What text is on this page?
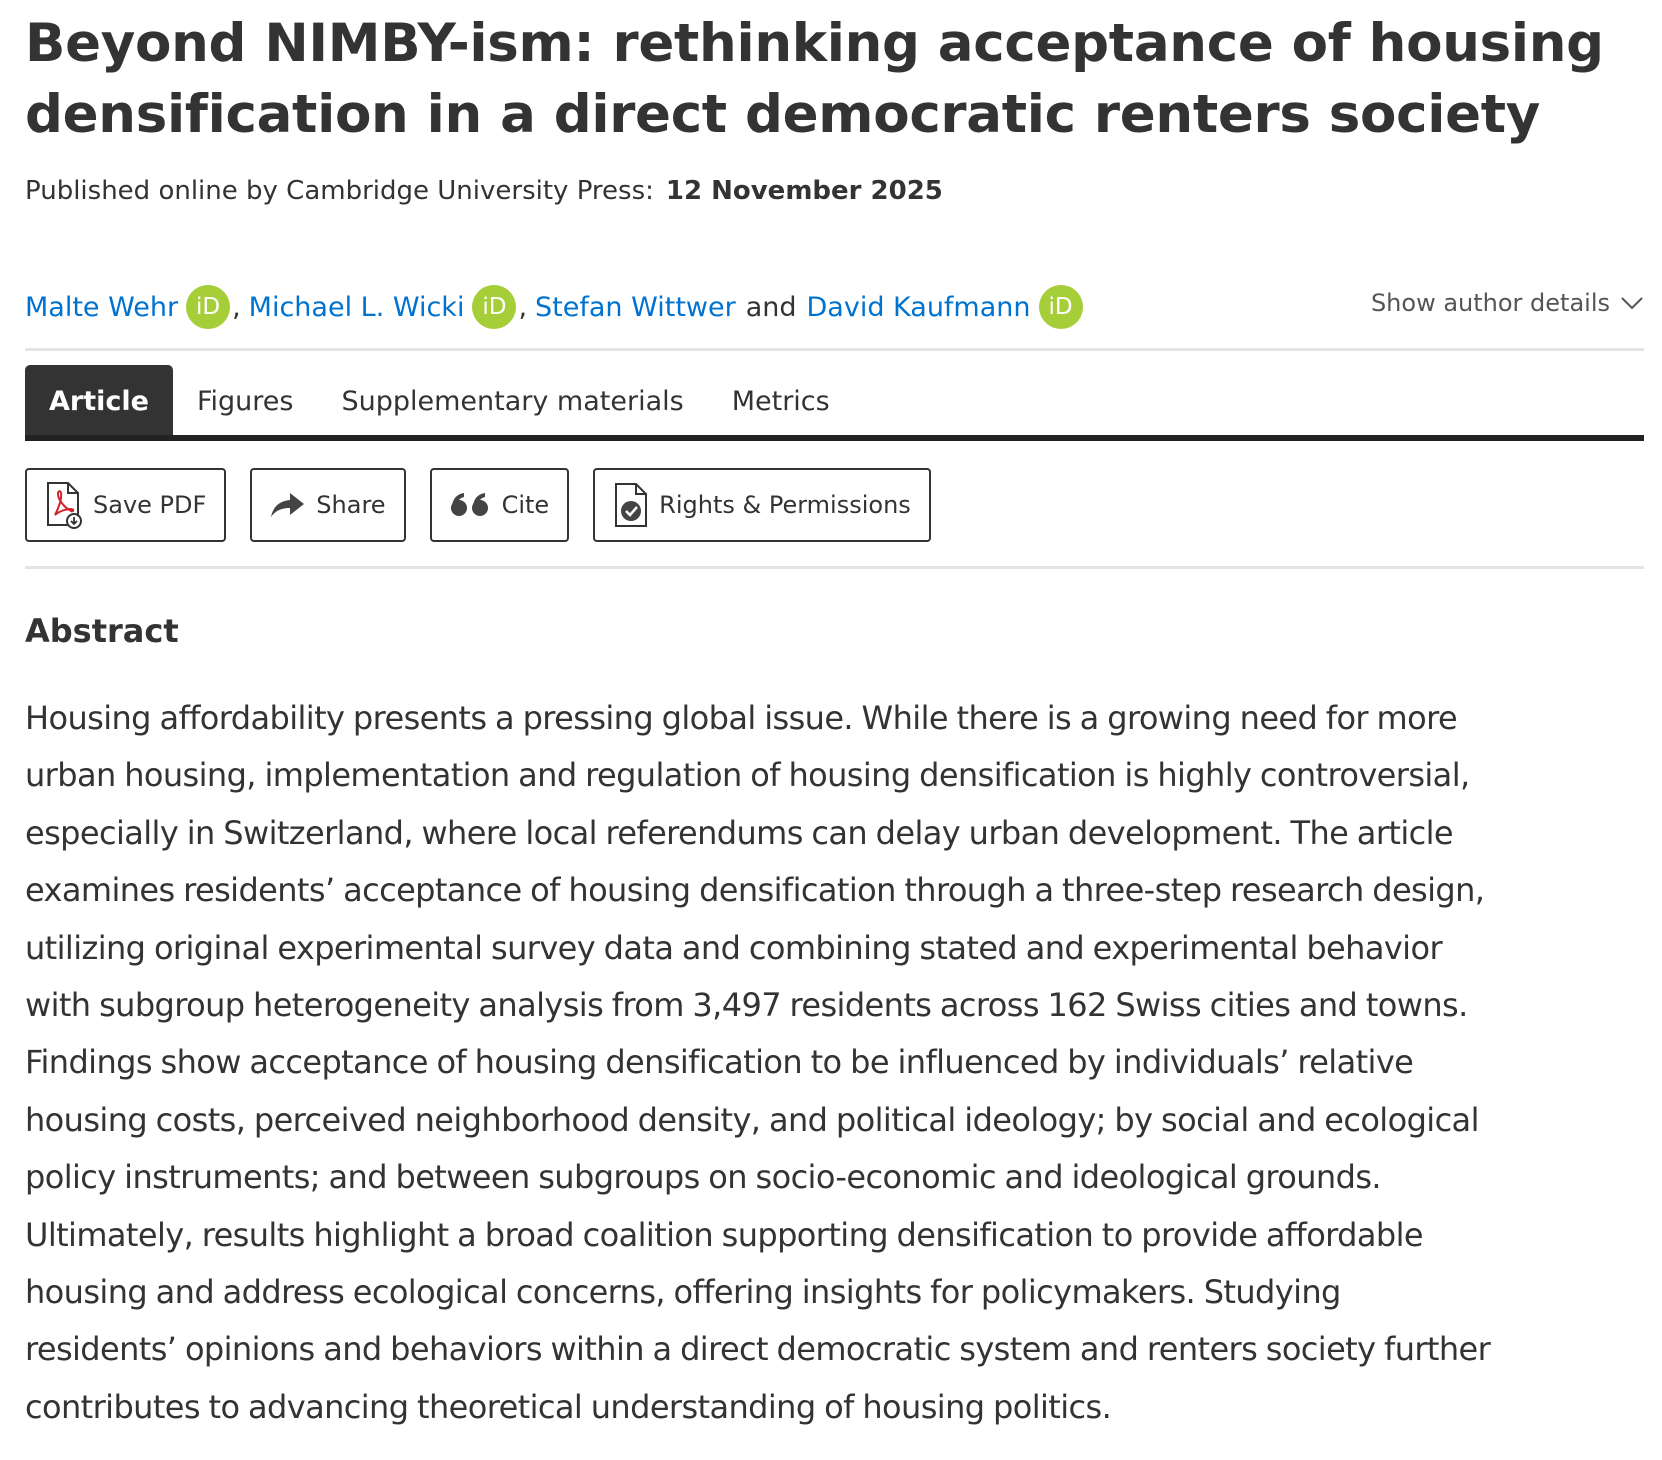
Beyond NIMBY-ism: rethinking acceptance of housing densification in a direct democratic renters society
Published online by Cambridge University Press: 12 November 2025
Malte Wehr iD , Michael L. Wicki iD , Stefan Wittwer and David Kaufmann iD	Show author details
Article	Figures	Supplementary materials	Metrics
Save PDF	Share	Cite	Rights & Permissions
Abstract
Housing affordability presents a pressing global issue. While there is a growing need for more
urban housing, implementation and regulation of housing densification is highly controversial,
especially in Switzerland, where local referendums can delay urban development. The article
examines residents’ acceptance of housing densification through a three-step research design,
utilizing original experimental survey data and combining stated and experimental behavior
with subgroup heterogeneity analysis from 3,497 residents across 162 Swiss cities and towns.
Findings show acceptance of housing densification to be influenced by individuals’ relative
housing costs, perceived neighborhood density, and political ideology; by social and ecological
policy instruments; and between subgroups on socio-economic and ideological grounds.
Ultimately, results highlight a broad coalition supporting densification to provide affordable
housing and address ecological concerns, offering insights for policymakers. Studying
residents’ opinions and behaviors within a direct democratic system and renters society further
contributes to advancing theoretical understanding of housing politics.
